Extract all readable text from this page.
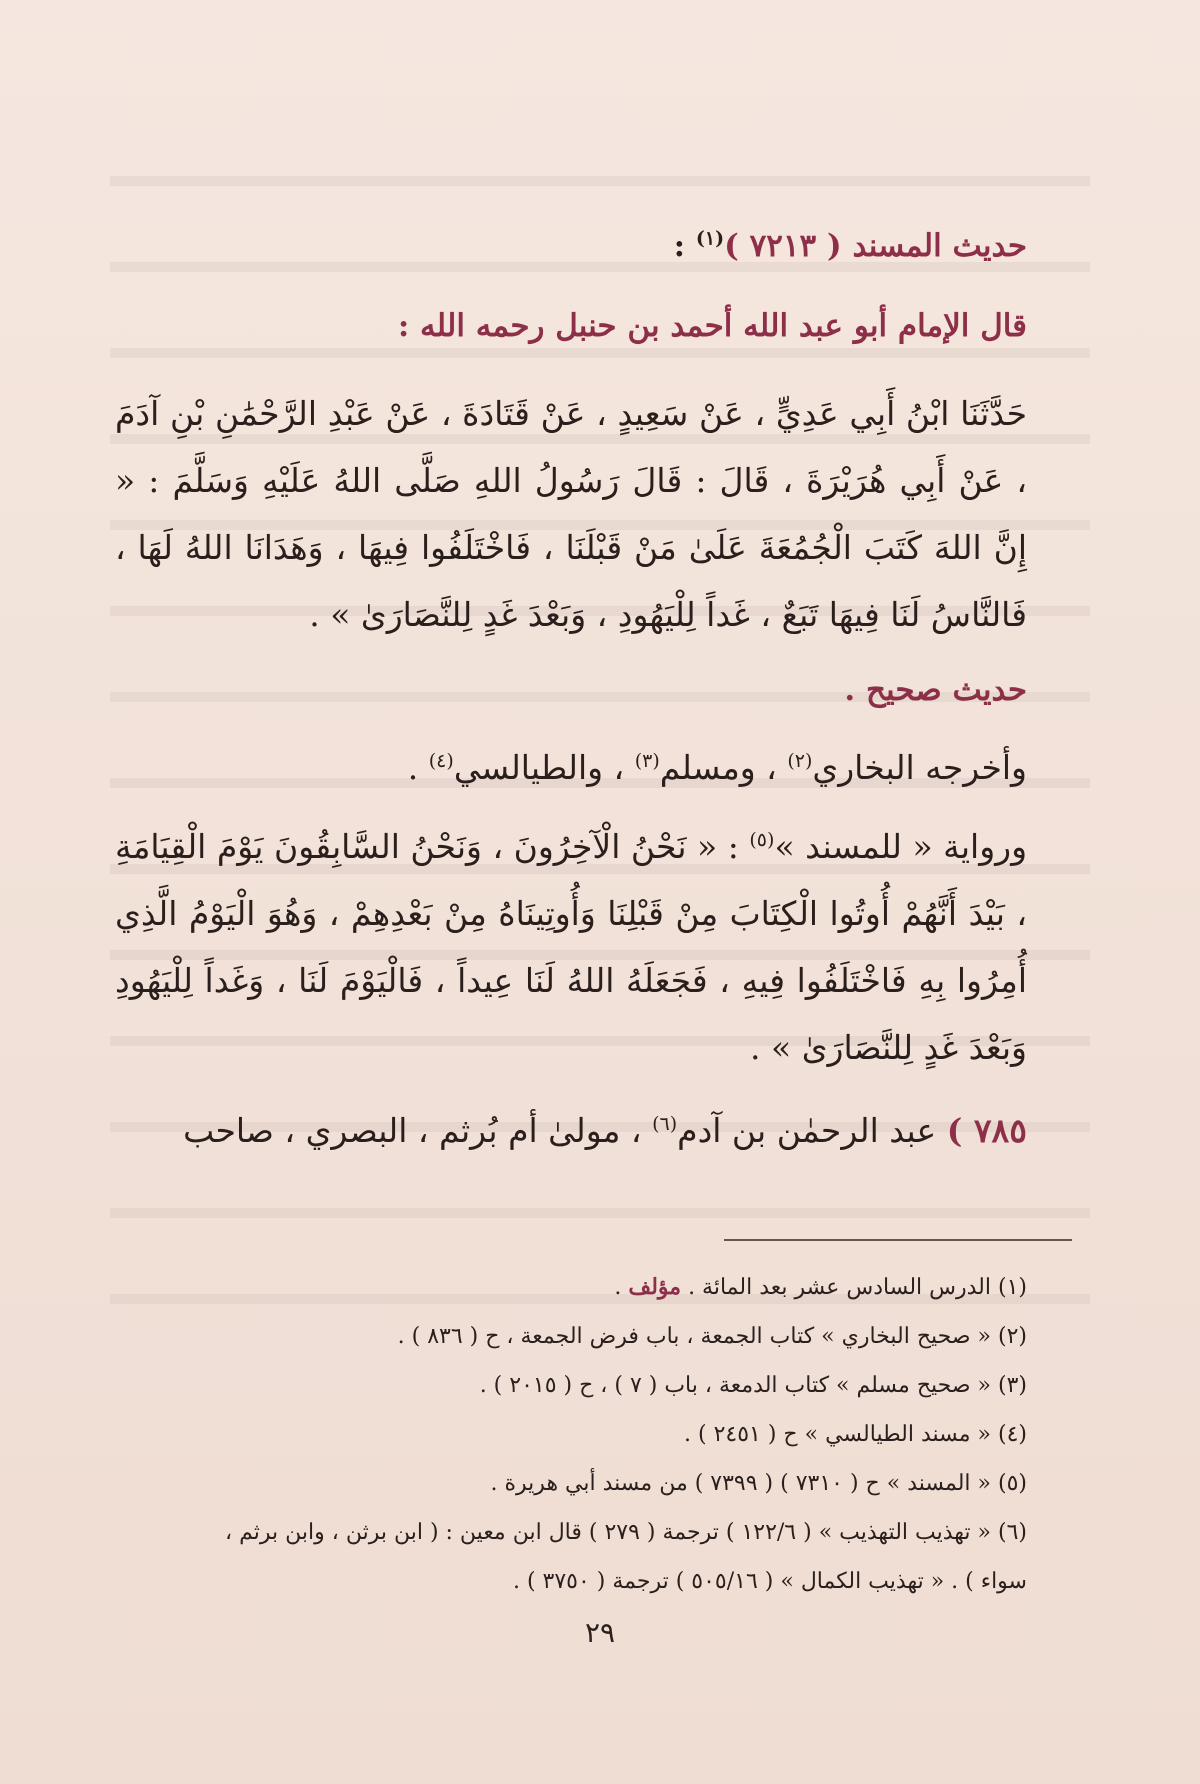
حديث المسند ( ٧٢١٣ )$^{(١)}$ :
قال الإمام أبو عبد الله أحمد بن حنبل رحمه الله :
حَدَّثَنَا ابْنُ أَبِي عَدِيٍّ ، عَنْ سَعِيدٍ ، عَنْ قَتَادَةَ ، عَنْ عَبْدِ الرَّحْمَٰنِ بْنِ آدَمَ ، عَنْ أَبِي هُرَيْرَةَ ، قَالَ : قَالَ رَسُولُ اللهِ صَلَّى اللهُ عَلَيْهِ وَسَلَّمَ : « إِنَّ اللهَ كَتَبَ الْجُمُعَةَ عَلَىٰ مَنْ قَبْلَنَا ، فَاخْتَلَفُوا فِيهَا ، وَهَدَانَا اللهُ لَهَا ، فَالنَّاسُ لَنَا فِيهَا تَبَعٌ ، غَداً لِلْيَهُودِ ، وَبَعْدَ غَدٍ لِلنَّصَارَىٰ » .
حديث صحيح .
وأخرجه البخاري$^{(٢)}$ ، ومسلم$^{(٣)}$ ، والطيالسي$^{(٤)}$ .
ورواية « للمسند »$^{(٥)}$ : « نَحْنُ الْآخِرُونَ ، وَنَحْنُ السَّابِقُونَ يَوْمَ الْقِيَامَةِ ، بَيْدَ أَنَّهُمْ أُوتُوا الْكِتَابَ مِنْ قَبْلِنَا وَأُوتِينَاهُ مِنْ بَعْدِهِمْ ، وَهُوَ الْيَوْمُ الَّذِي أُمِرُوا بِهِ فَاخْتَلَفُوا فِيهِ ، فَجَعَلَهُ اللهُ لَنَا عِيداً ، فَالْيَوْمَ لَنَا ، وَغَداً لِلْيَهُودِ وَبَعْدَ غَدٍ لِلنَّصَارَىٰ » .
٧٨٥ ) عبد الرحمٰن بن آدم$^{(٦)}$ ، مولىٰ أم بُرثم ، البصري ، صاحب
(١) الدرس السادس عشر بعد المائة . مؤلف .
(٢) « صحيح البخاري » كتاب الجمعة ، باب فرض الجمعة ، ح ( ٨٣٦ ) .
(٣) « صحيح مسلم » كتاب الدمعة ، باب ( ٧ ) ، ح ( ٢٠١٥ ) .
(٤) « مسند الطيالسي » ح ( ٢٤٥١ ) .
(٥) « المسند » ح ( ٧٣١٠ ) ( ٧٣٩٩ ) من مسند أبي هريرة .
(٦) « تهذيب التهذيب » ( ١٢٢/٦ ) ترجمة ( ٢٧٩ ) قال ابن معين : ( ابن برثن ، وابن برثم ،
سواء ) . « تهذيب الكمال » ( ٥٠٥/١٦ ) ترجمة ( ٣٧٥٠ ) .
٢٩
